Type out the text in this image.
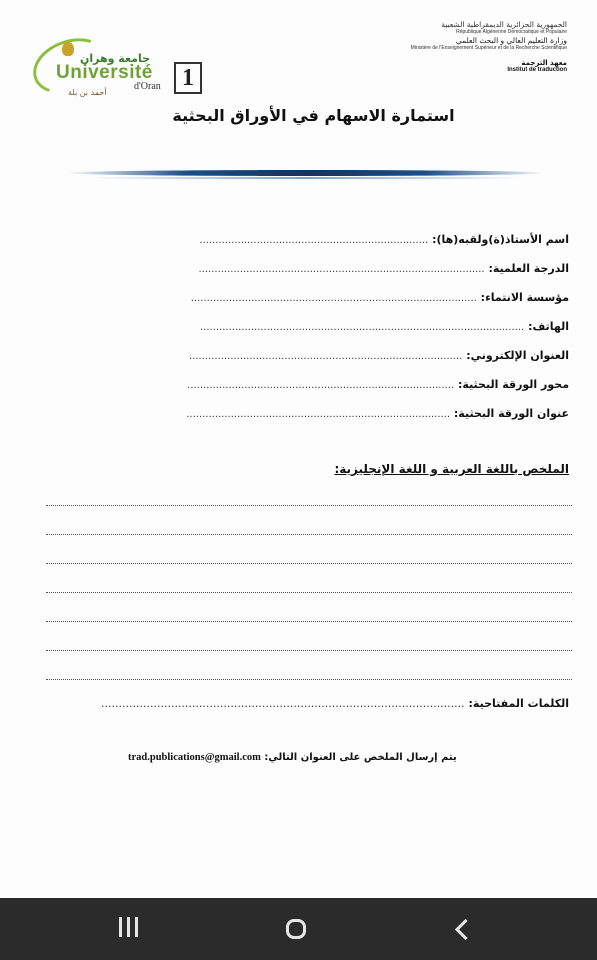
الجمهورية الجزائرية الديمقراطية الشعبية
République Algérienne Démocratique et Populaire
وزارة التعليم العالي و البحث العلمي
Ministère de l'Enseignement Supérieur et de la Recherche Scientifique
معهد الترجمة
Institut de traduction
جامعة وهران
Université
d'Oran 1
أحمد بن بلة
استمارة الاسهام في الأوراق البحثية
اسم الأستاذ(ة)ولقبه(ها): ........................................................................
الدرجة العلمية: ..........................................................................................
مؤسسة الانتماء: ..........................................................................................
الهاتف: ......................................................................................................
العنوان الإلكتروني: ......................................................................................
محور الورقة البحثية: ....................................................................................
عنوان الورقة البحثية: ...................................................................................
الملخص باللغة العربية و اللغة الإنجليزية:
الكلمات المفتاحية: ........................................................................................................
trad.publications@gmail.com يتم إرسال الملخص على العنوان التالي:
